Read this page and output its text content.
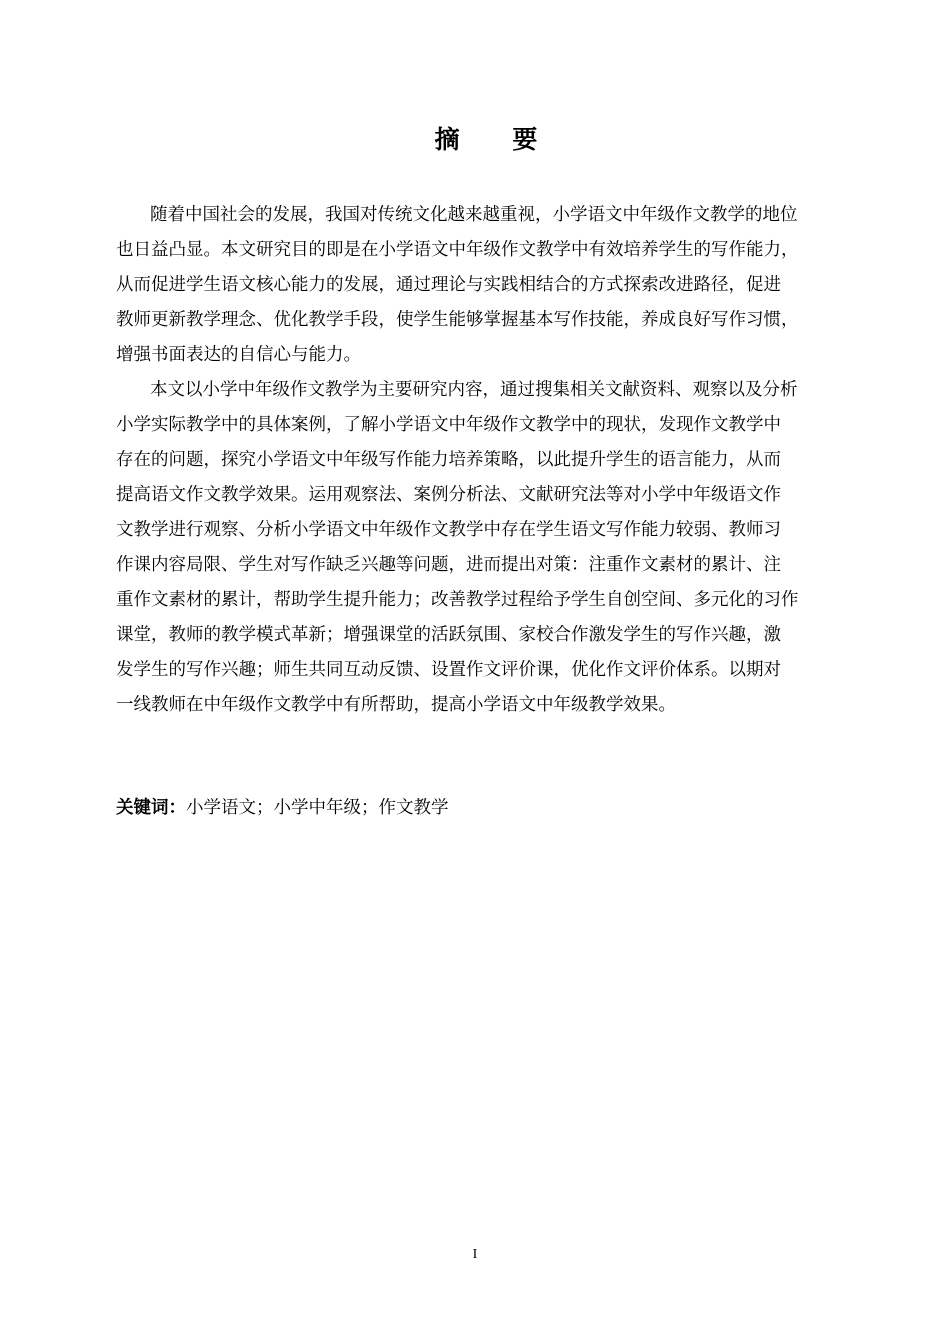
摘 要
随着中国社会的发展，我国对传统文化越来越重视，小学语文中年级作文教学的地位
也日益凸显。本文研究目的即是在小学语文中年级作文教学中有效培养学生的写作能力，
从而促进学生语文核心能力的发展，通过理论与实践相结合的方式探索改进路径，促进
教师更新教学理念、优化教学手段，使学生能够掌握基本写作技能，养成良好写作习惯，
增强书面表达的自信心与能力。
本文以小学中年级作文教学为主要研究内容，通过搜集相关文献资料、观察以及分析
小学实际教学中的具体案例，了解小学语文中年级作文教学中的现状，发现作文教学中
存在的问题，探究小学语文中年级写作能力培养策略，以此提升学生的语言能力，从而
提高语文作文教学效果。运用观察法、案例分析法、文献研究法等对小学中年级语文作
文教学进行观察、分析小学语文中年级作文教学中存在学生语文写作能力较弱、教师习
作课内容局限、学生对写作缺乏兴趣等问题，进而提出对策：注重作文素材的累计、注
重作文素材的累计，帮助学生提升能力；改善教学过程给予学生自创空间、多元化的习作
课堂，教师的教学模式革新；增强课堂的活跃氛围、家校合作激发学生的写作兴趣，激
发学生的写作兴趣；师生共同互动反馈、设置作文评价课，优化作文评价体系。以期对
一线教师在中年级作文教学中有所帮助，提高小学语文中年级教学效果。
关键词：小学语文；小学中年级；作文教学
I
